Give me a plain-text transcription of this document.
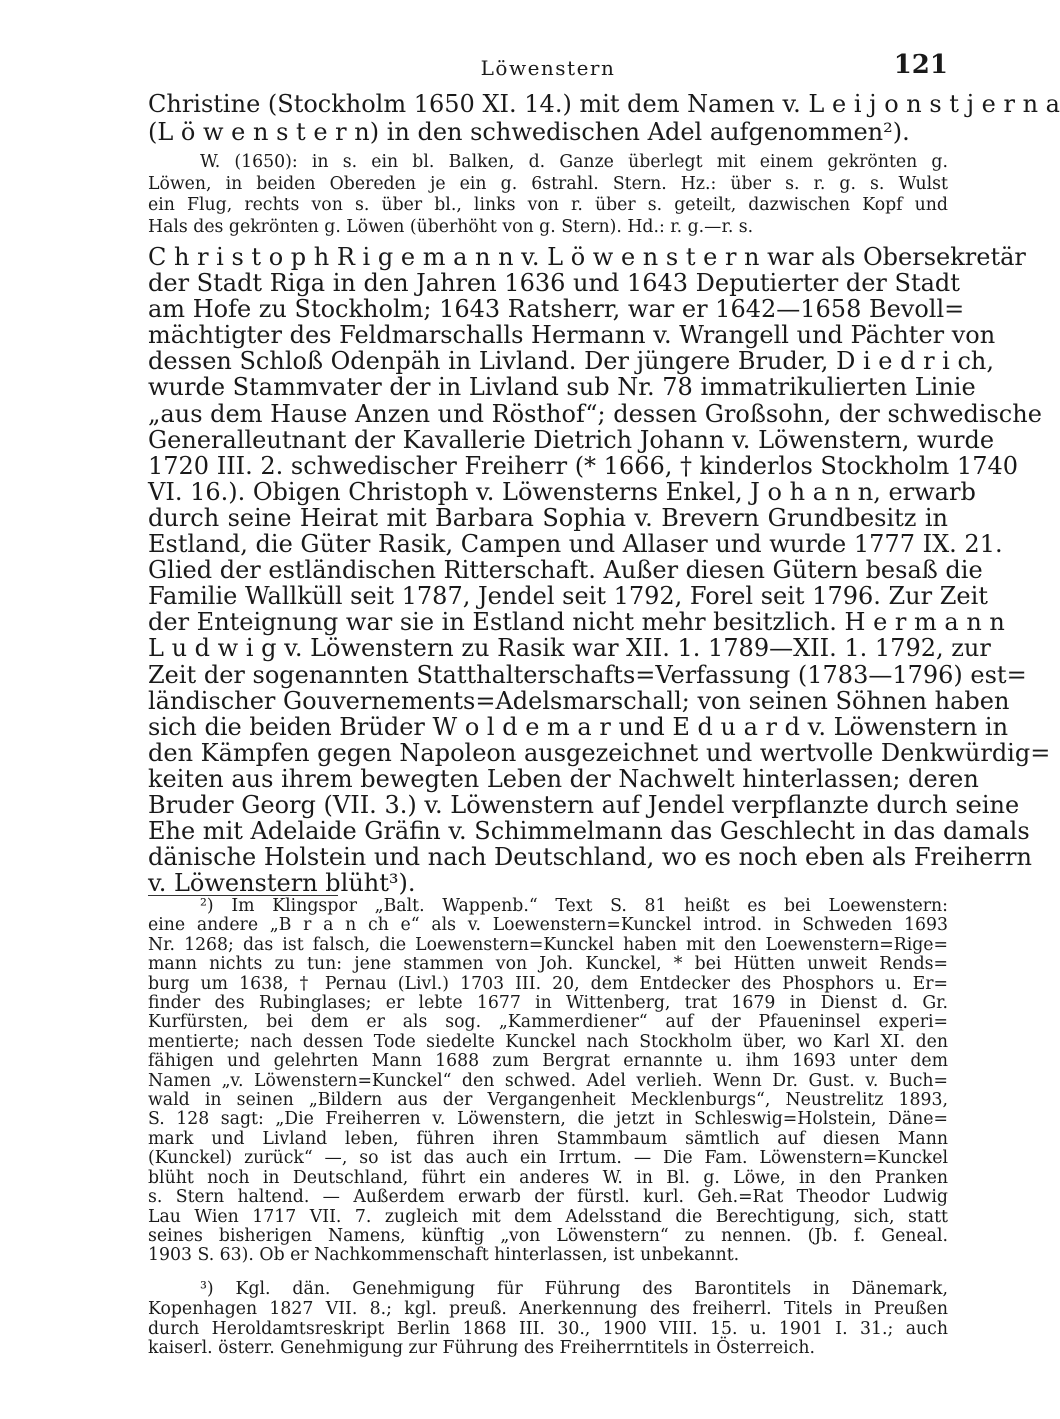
Löwenstern	121
Christine (Stockholm 1650 XI. 14.) mit dem Namen v. L e i j o n s t j e r n a
(L ö w e n s t e r n) in den schwedischen Adel aufgenommen²).
W. (1650): in s. ein bl. Balken, d. Ganze überlegt mit einem gekrönten g.
Löwen, in beiden Obereden je ein g. 6strahl. Stern. Hz.: über s. r. g. s. Wulst
ein Flug, rechts von s. über bl., links von r. über s. geteilt, dazwischen Kopf und
Hals des gekrönten g. Löwen (überhöht von g. Stern). Hd.: r. g.—r. s.
C h r i s t o p h R i g e m a n n v. L ö w e n s t e r n war als Obersekretär
der Stadt Riga in den Jahren 1636 und 1643 Deputierter der Stadt
am Hofe zu Stockholm; 1643 Ratsherr, war er 1642—1658 Bevoll=
mächtigter des Feldmarschalls Hermann v. Wrangell und Pächter von
dessen Schloß Odenpäh in Livland. Der jüngere Bruder, D i e d r i ch,
wurde Stammvater der in Livland sub Nr. 78 immatrikulierten Linie
„aus dem Hause Anzen und Rösthof“; dessen Großsohn, der schwedische
Generalleutnant der Kavallerie Dietrich Johann v. Löwenstern, wurde
1720 III. 2. schwedischer Freiherr (* 1666, † kinderlos Stockholm 1740
VI. 16.). Obigen Christoph v. Löwensterns Enkel, J o h a n n, erwarb
durch seine Heirat mit Barbara Sophia v. Brevern Grundbesitz in
Estland, die Güter Rasik, Campen und Allaser und wurde 1777 IX. 21.
Glied der estländischen Ritterschaft. Außer diesen Gütern besaß die
Familie Wallküll seit 1787, Jendel seit 1792, Forel seit 1796. Zur Zeit
der Enteignung war sie in Estland nicht mehr besitzlich. H e r m a n n
L u d w i g v. Löwenstern zu Rasik war XII. 1. 1789—XII. 1. 1792, zur
Zeit der sogenannten Statthalterschafts=Verfassung (1783—1796) est=
ländischer Gouvernements=Adelsmarschall; von seinen Söhnen haben
sich die beiden Brüder W o l d e m a r und E d u a r d v. Löwenstern in
den Kämpfen gegen Napoleon ausgezeichnet und wertvolle Denkwürdig=
keiten aus ihrem bewegten Leben der Nachwelt hinterlassen; deren
Bruder Georg (VII. 3.) v. Löwenstern auf Jendel verpflanzte durch seine
Ehe mit Adelaide Gräfin v. Schimmelmann das Geschlecht in das damals
dänische Holstein und nach Deutschland, wo es noch eben als Freiherrn
v. Löwenstern blüht³).
²) Im Klingspor „Balt. Wappenb.“ Text S. 81 heißt es bei Loewenstern:
eine andere „B r a n ch e“ als v. Loewenstern=Kunckel introd. in Schweden 1693
Nr. 1268; das ist falsch, die Loewenstern=Kunckel haben mit den Loewenstern=Rige=
mann nichts zu tun: jene stammen von Joh. Kunckel, * bei Hütten unweit Rends=
burg um 1638, † Pernau (Livl.) 1703 III. 20, dem Entdecker des Phosphors u. Er=
finder des Rubinglases; er lebte 1677 in Wittenberg, trat 1679 in Dienst d. Gr.
Kurfürsten, bei dem er als sog. „Kammerdiener“ auf der Pfaueninsel experi=
mentierte; nach dessen Tode siedelte Kunckel nach Stockholm über, wo Karl XI. den
fähigen und gelehrten Mann 1688 zum Bergrat ernannte u. ihm 1693 unter dem
Namen „v. Löwenstern=Kunckel“ den schwed. Adel verlieh. Wenn Dr. Gust. v. Buch=
wald in seinen „Bildern aus der Vergangenheit Mecklenburgs“, Neustrelitz 1893,
S. 128 sagt: „Die Freiherren v. Löwenstern, die jetzt in Schleswig=Holstein, Däne=
mark und Livland leben, führen ihren Stammbaum sämtlich auf diesen Mann
(Kunckel) zurück“ —, so ist das auch ein Irrtum. — Die Fam. Löwenstern=Kunckel
blüht noch in Deutschland, führt ein anderes W. in Bl. g. Löwe, in den Pranken
s. Stern haltend. — Außerdem erwarb der fürstl. kurl. Geh.=Rat Theodor Ludwig
Lau Wien 1717 VII. 7. zugleich mit dem Adelsstand die Berechtigung, sich, statt
seines bisherigen Namens, künftig „von Löwenstern“ zu nennen. (Jb. f. Geneal.
1903 S. 63). Ob er Nachkommenschaft hinterlassen, ist unbekannt.
³) Kgl. dän. Genehmigung für Führung des Barontitels in Dänemark,
Kopenhagen 1827 VII. 8.; kgl. preuß. Anerkennung des freiherrl. Titels in Preußen
durch Heroldamtsreskript Berlin 1868 III. 30., 1900 VIII. 15. u. 1901 I. 31.; auch
kaiserl. österr. Genehmigung zur Führung des Freiherrntitels in Österreich.
